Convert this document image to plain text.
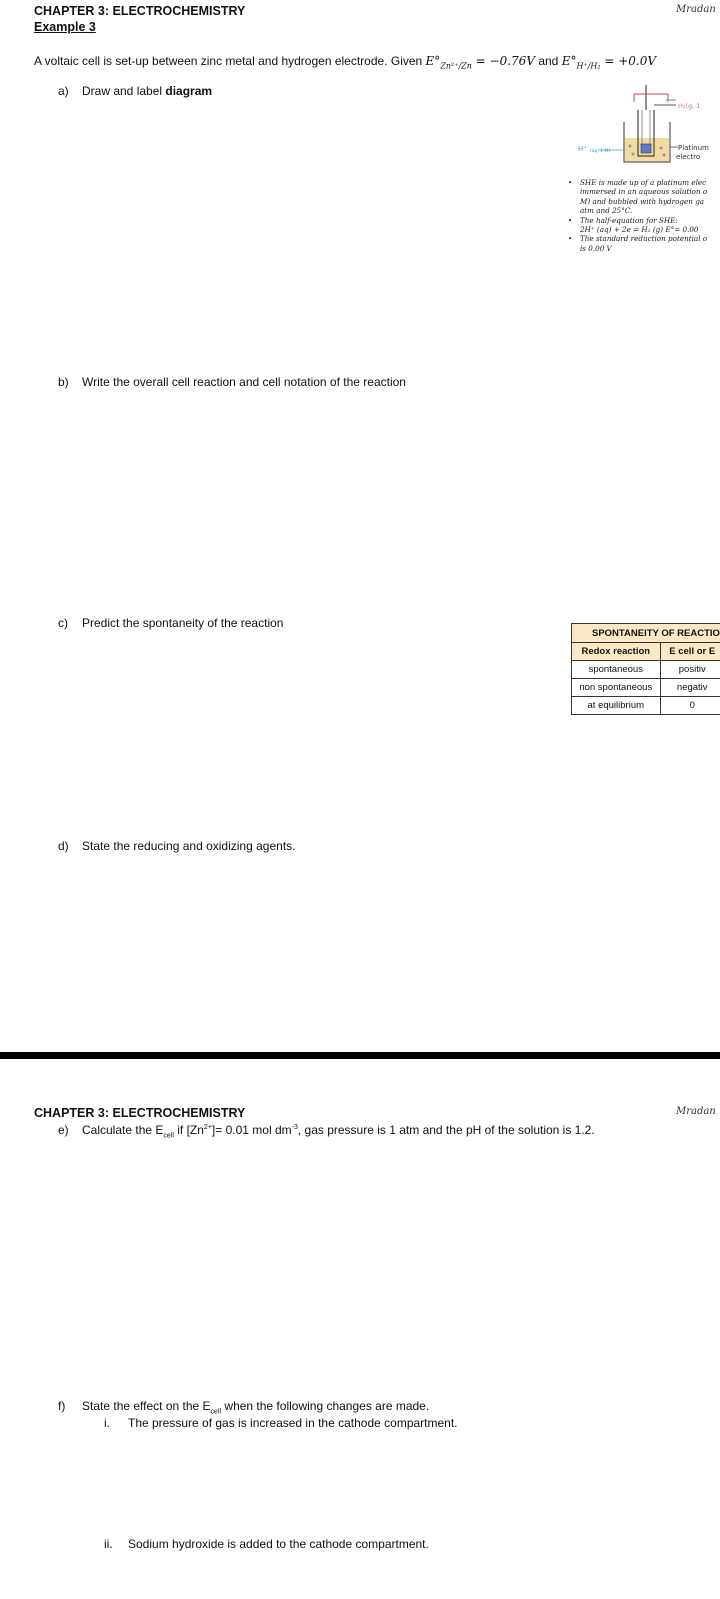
CHAPTER 3: ELECTROCHEMISTRY	Mradan
Example 3
A voltaic cell is set-up between zinc metal and hydrogen electrode. Given $E^\circ_{Zn^{2+}/Zn} = -0.76V$ and $E^\circ_{H^+/H_2} = +0.0V$
a) Draw and label diagram
H₂(g, 1
H⁺ (aq, 1 M)	Platinum
electro
•	SHE is made up of a platinum elec
immersed in an aqueous solution o
M) and bubbled with hydrogen ga
atm and 25°C.
•	The half-equation for SHE:
2H⁺ (aq) + 2e ⇌ H₂ (g) E°= 0.00
•	The standard reduction potential o
is 0.00 V
b) Write the overall cell reaction and cell notation of the reaction
c) Predict the spontaneity of the reaction
SPONTANEITY OF REACTIO	
Redox reaction	E cell or E
spontaneous	positiv
non spontaneous	negativ
at equilibrium	0
d) State the reducing and oxidizing agents.
CHAPTER 3: ELECTROCHEMISTRY	Mradan
e) Calculate the $E_{cell}$ if $[Zn^{2+}]= 0.01$ mol $dm^{-3}$, gas pressure is 1 atm and the pH of the solution is 1.2.
f) State the effect on the $E_{cell}$ when the following changes are made.
i. The pressure of gas is increased in the cathode compartment.
ii. Sodium hydroxide is added to the cathode compartment.
